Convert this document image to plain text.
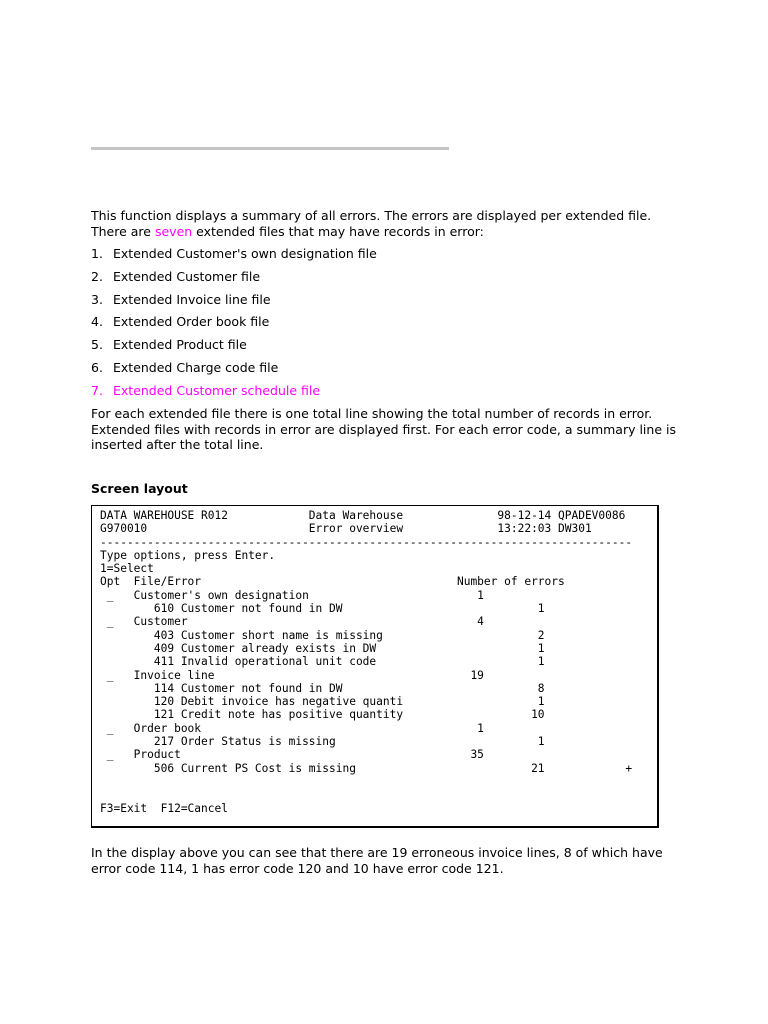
This function displays a summary of all errors. The errors are displayed per extended file.
There are seven extended files that may have records in error:

1. Extended Customer's own designation file
2. Extended Customer file
3. Extended Invoice line file
4. Extended Order book file
5. Extended Product file
6. Extended Charge code file
7. Extended Customer schedule file

For each extended file there is one total line showing the total number of records in error. Extended files with records in error are displayed first. For each error code, a summary line is inserted after the total line.

Screen layout

DATA WAREHOUSE R012            Data Warehouse              98-12-14 QPADEV0086
G970010                        Error overview              13:22:03 DW301
-------------------------------------------------------------------------------
Type options, press Enter.
1=Select
Opt  File/Error                                      Number of errors
_   Customer's own designation                         1
610 Customer not found in DW                             1
_   Customer                                           4
403 Customer short name is missing                       2
409 Customer already exists in DW                        1
411 Invalid operational unit code                        1
_   Invoice line                                      19
114 Customer not found in DW                             8
120 Debit invoice has negative quanti                    1
121 Credit note has positive quantity                   10
_   Order book                                         1
217 Order Status is missing                              1
_   Product                                           35
506 Current PS Cost is missing                          21            +
F3=Exit  F12=Cancel

In the display above you can see that there are 19 erroneous invoice lines, 8 of which have error code 114, 1 has error code 120 and 10 have error code 121.
